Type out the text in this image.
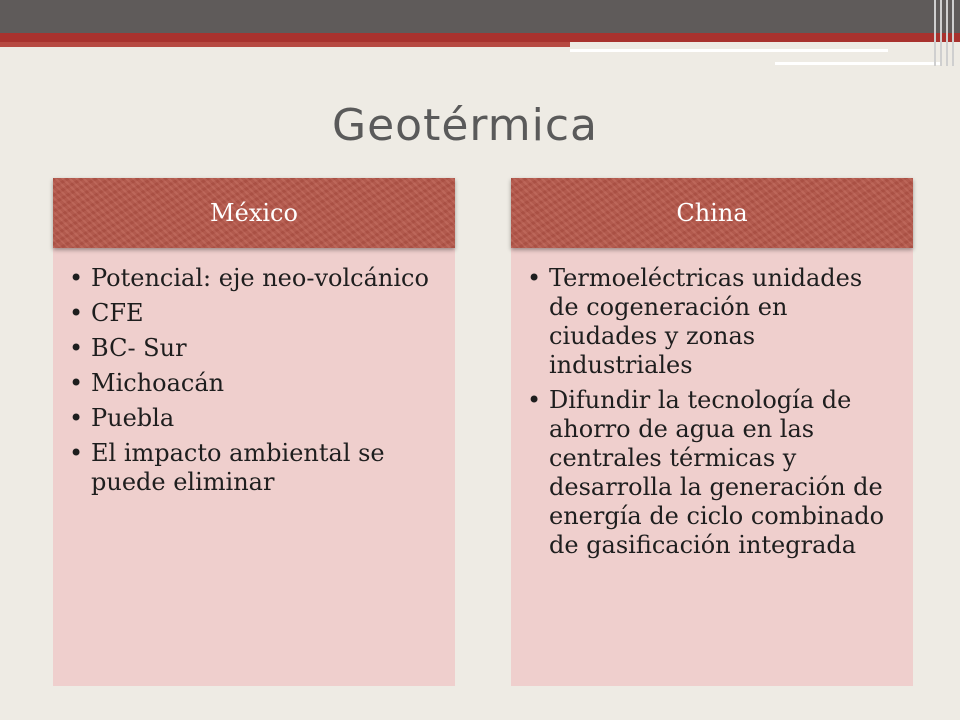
Geotérmica
México
• Potencial: eje neo-volcánico
• CFE
• BC- Sur
• Michoacán
• Puebla
• El impacto ambiental se puede eliminar
China
• Termoeléctricas unidades de cogeneración en ciudades y zonas industriales
• Difundir la tecnología de ahorro de agua en las centrales térmicas y desarrolla la generación de energía de ciclo combinado de gasificación integrada
